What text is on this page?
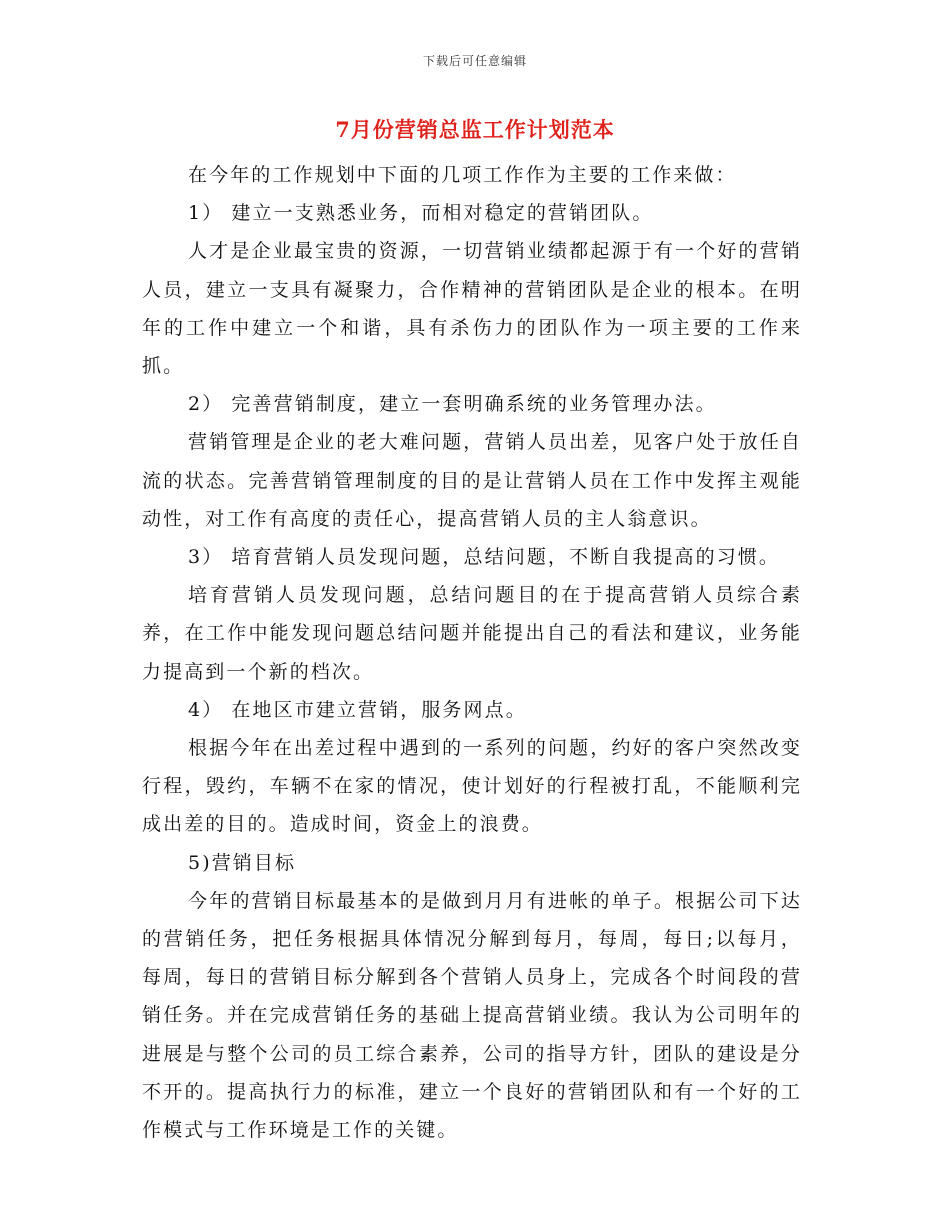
下载后可任意编辑
7月份营销总监工作计划范本

在今年的工作规划中下面的几项工作作为主要的工作来做：

1） 建立一支熟悉业务，而相对稳定的营销团队。

人才是企业最宝贵的资源，一切营销业绩都起源于有一个好的营销人员，建立一支具有凝聚力，合作精神的营销团队是企业的根本。在明年的工作中建立一个和谐，具有杀伤力的团队作为一项主要的工作来抓。

2） 完善营销制度，建立一套明确系统的业务管理办法。

营销管理是企业的老大难问题，营销人员出差，见客户处于放任自流的状态。完善营销管理制度的目的是让营销人员在工作中发挥主观能动性，对工作有高度的责任心，提高营销人员的主人翁意识。

3） 培育营销人员发现问题，总结问题，不断自我提高的习惯。

培育营销人员发现问题，总结问题目的在于提高营销人员综合素养，在工作中能发现问题总结问题并能提出自己的看法和建议，业务能力提高到一个新的档次。

4） 在地区市建立营销，服务网点。

根据今年在出差过程中遇到的一系列的问题，约好的客户突然改变行程，毁约，车辆不在家的情况，使计划好的行程被打乱，不能顺利完成出差的目的。造成时间，资金上的浪费。

5)营销目标

今年的营销目标最基本的是做到月月有进帐的单子。根据公司下达的营销任务，把任务根据具体情况分解到每月，每周，每日;以每月，每周，每日的营销目标分解到各个营销人员身上，完成各个时间段的营销任务。并在完成营销任务的基础上提高营销业绩。我认为公司明年的进展是与整个公司的员工综合素养，公司的指导方针，团队的建设是分不开的。提高执行力的标准，建立一个良好的营销团队和有一个好的工作模式与工作环境是工作的关键。
